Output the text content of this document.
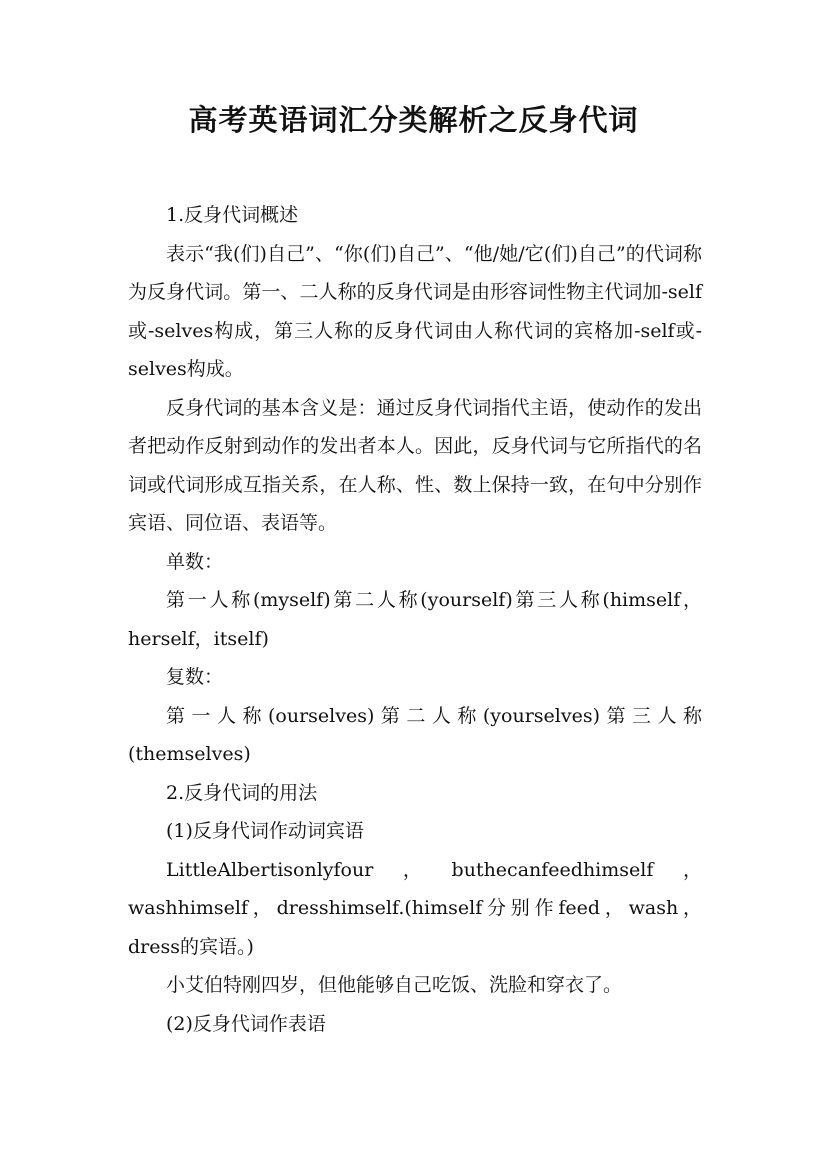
高考英语词汇分类解析之反身代词

1.反身代词概述

表示“我(们)自己”、“你(们)自己”、“他/她/它(们)自己”的代词称为反身代词。第一、二人称的反身代词是由形容词性物主代词加-self或-selves构成，第三人称的反身代词由人称代词的宾格加-self或-selves构成。

反身代词的基本含义是：通过反身代词指代主语，使动作的发出者把动作反射到动作的发出者本人。因此，反身代词与它所指代的名词或代词形成互指关系，在人称、性、数上保持一致，在句中分别作宾语、同位语、表语等。

单数：

第一人称(myself)第二人称(yourself)第三人称(himself，herself，itself)

复数：

第一人称(ourselves)第二人称(yourselves)第三人称(themselves)

2.反身代词的用法

(1)反身代词作动词宾语

LittleAlbertisonlyfour，buthecanfeedhimself，washhimself，dresshimself.(himself分别作feed，wash，dress的宾语。)

小艾伯特刚四岁，但他能够自己吃饭、洗脸和穿衣了。

(2)反身代词作表语
